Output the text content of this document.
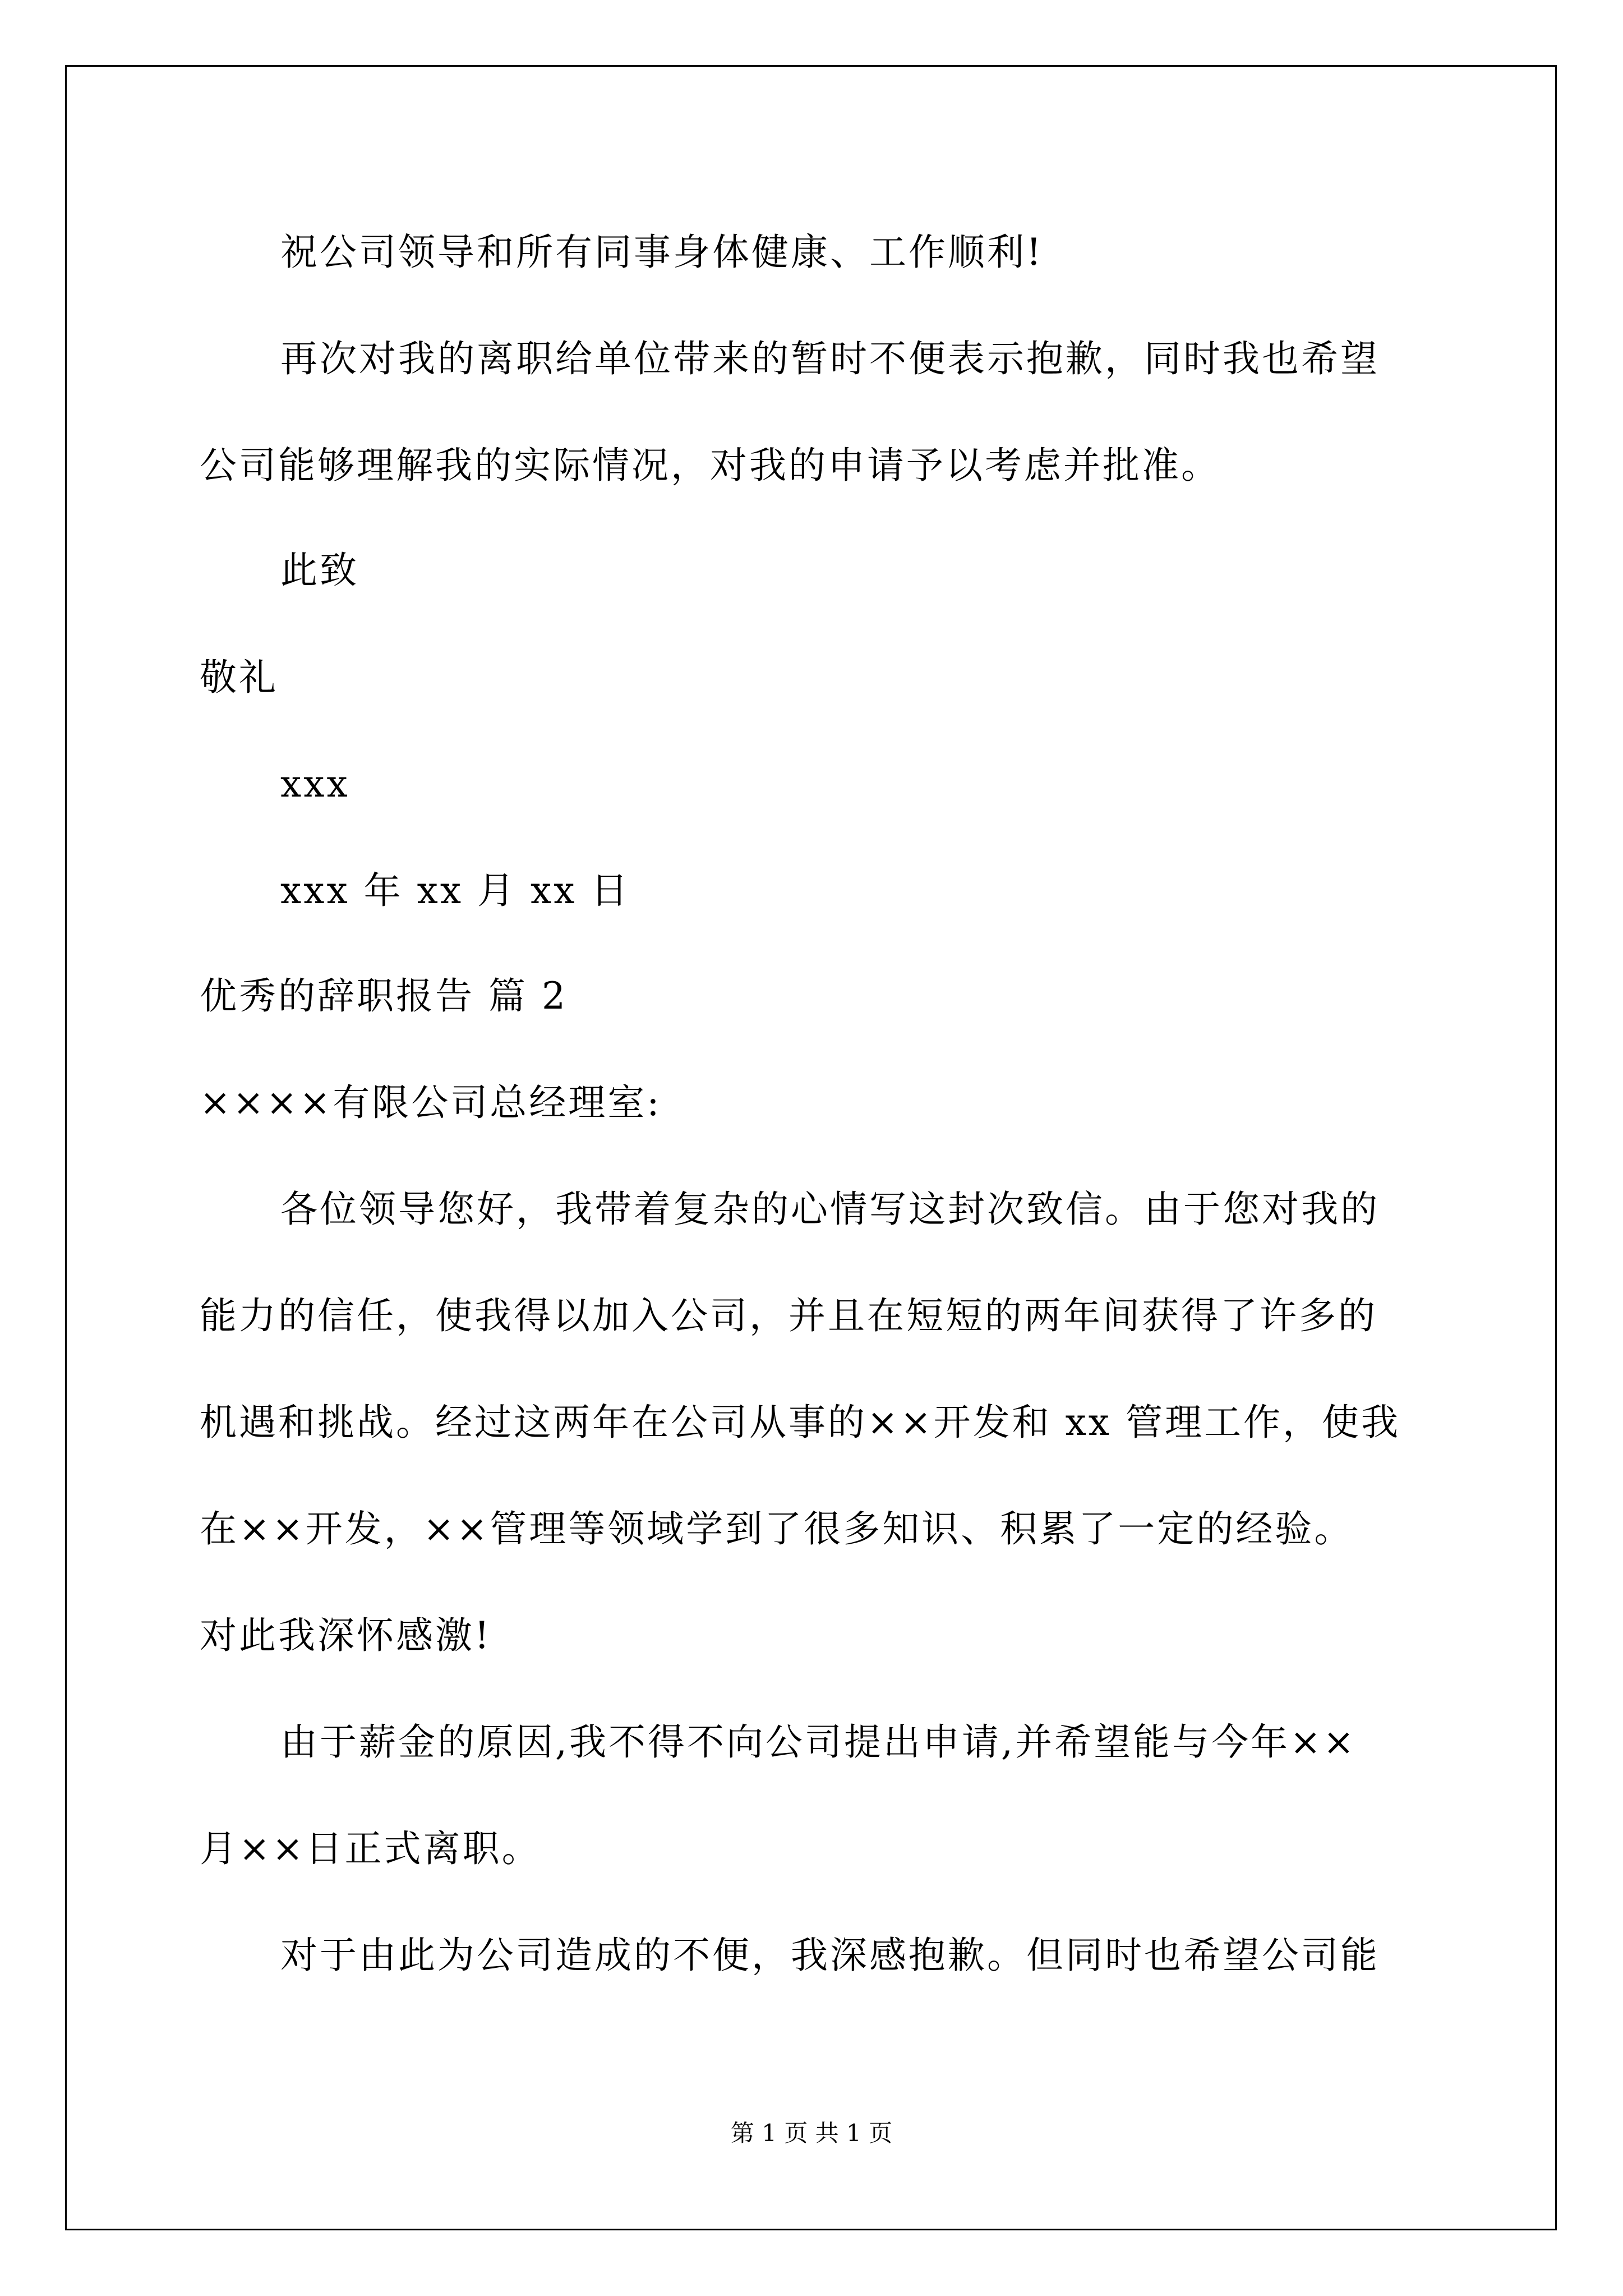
祝公司领导和所有同事身体健康、工作顺利!
再次对我的离职给单位带来的暂时不便表示抱歉，同时我也希望
公司能够理解我的实际情况，对我的申请予以考虑并批准。
此致
敬礼
xxx
xxx 年 xx 月 xx 日
优秀的辞职报告 篇 2
××××有限公司总经理室:
各位领导您好，我带着复杂的心情写这封次致信。由于您对我的
能力的信任，使我得以加入公司，并且在短短的两年间获得了许多的
机遇和挑战。经过这两年在公司从事的××开发和 xx 管理工作，使我
在××开发，××管理等领域学到了很多知识、积累了一定的经验。
对此我深怀感激!
由于薪金的原因,我不得不向公司提出申请,并希望能与今年××
月××日正式离职。
对于由此为公司造成的不便，我深感抱歉。但同时也希望公司能
第 1 页 共 1 页
